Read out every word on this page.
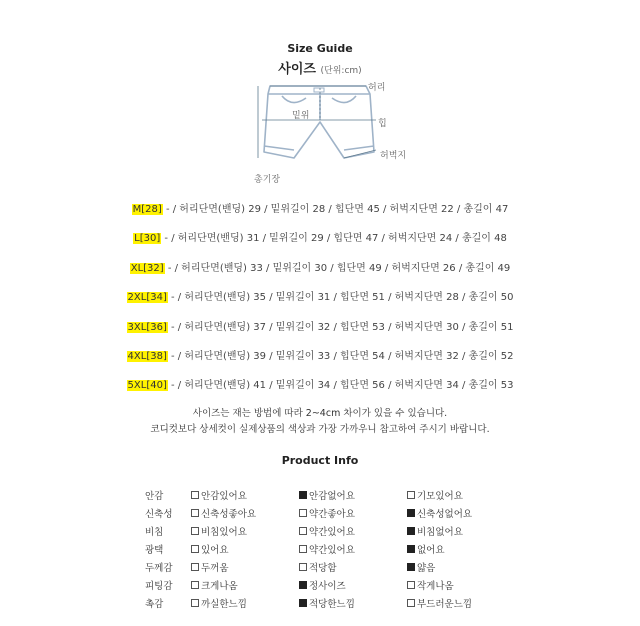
Size Guide
사이즈 (단위:cm)
허리
밑위
힙
허벅지
총기장
M[28] - / 허리단면(밴딩) 29 / 밑위길이 28 / 힙단면 45 / 허벅지단면 22 / 총길이 47
L[30] - / 허리단면(밴딩) 31 / 밑위길이 29 / 힙단면 47 / 허벅지단면 24 / 총길이 48
XL[32] - / 허리단면(밴딩) 33 / 밑위길이 30 / 힙단면 49 / 허벅지단면 26 / 총길이 49
2XL[34] - / 허리단면(밴딩) 35 / 밑위길이 31 / 힙단면 51 / 허벅지단면 28 / 총길이 50
3XL[36] - / 허리단면(밴딩) 37 / 밑위길이 32 / 힙단면 53 / 허벅지단면 30 / 총길이 51
4XL[38] - / 허리단면(밴딩) 39 / 밑위길이 33 / 힙단면 54 / 허벅지단면 32 / 총길이 52
5XL[40] - / 허리단면(밴딩) 41 / 밑위길이 34 / 힙단면 56 / 허벅지단면 34 / 총길이 53
사이즈는 재는 방법에 따라 2~4cm 차이가 있을 수 있습니다.
코디컷보다 상세컷이 실제상품의 색상과 가장 가까우니 참고하여 주시기 바랍니다.
Product Info
안감	안감있어요	안감없어요	기모있어요
신축성	신축성좋아요	약간좋아요	신축성없어요
비침	비침있어요	약간있어요	비침없어요
광택	있어요	약간있어요	없어요
두께감	두꺼움	적당함	얇음
피팅감	크게나옴	정사이즈	작게나옴
촉감	까실한느낌	적당한느낌	부드러운느낌
